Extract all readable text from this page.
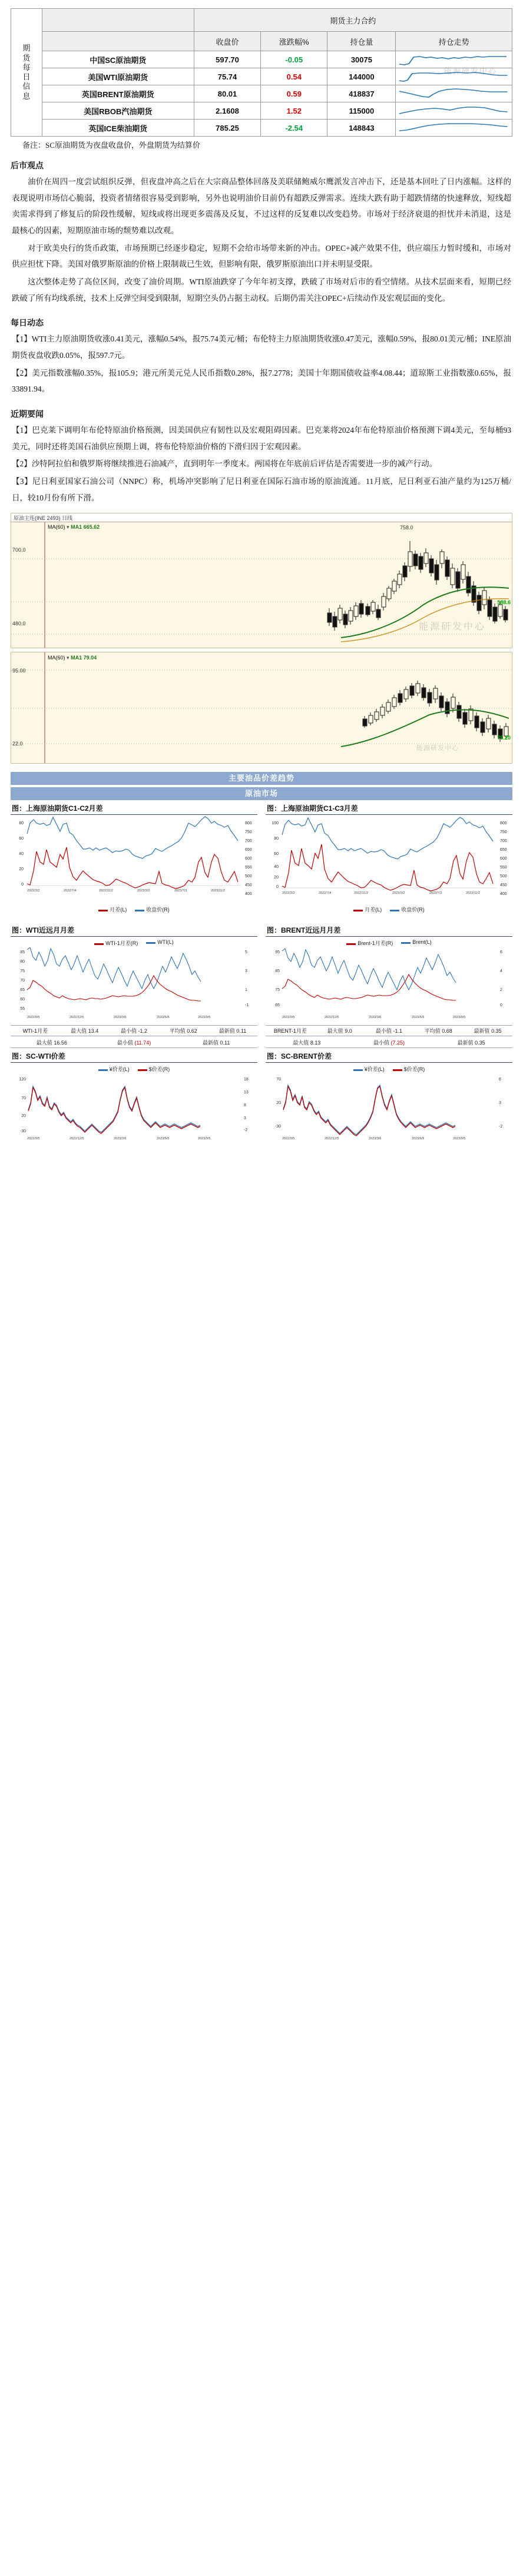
能源研发中心
期
货
每
日
信
息
		期货主力合约
		收盘价	涨跌幅%	持仓量	持仓走势
	中国SC原油期货	597.70	-0.05	30075	

	美国WTI原油期货	75.74	0.54	144000	

	英国BRENT原油期货	80.01	0.59	418837	

	美国RBOB汽油期货	2.1608	1.52	115000	

	英国ICE柴油期货	785.25	-2.54	148843	
备注：SC原油期货为夜盘收盘价，外盘期货为结算价
后市观点

油价在周四一度尝试组织反弹，但夜盘冲高之后在大宗商品整体回落及美联储鲍威尔鹰派发言冲击下，还是基本回吐了日内涨幅。这样的表现说明市场信心脆弱，投资者情绪很容易受到影响，另外也说明油价目前仍有超跌反弹需求。连续大跌有助于超跌情绪的快速释放，短线超卖需求得到了修复后的阶段性缓解，短线或将出现更多震荡及反复，不过这样的反复难以改变趋势。市场对于经济衰退的担忧并未消退，这是最核心的因素，短期原油市场的颓势难以改观。

对于欧美央行的货币政策，市场预期已经逐步稳定，短期不会给市场带来新的冲击。OPEC+减产效果不佳，供应端压力暂时缓和，市场对供应担忧下降。美国对俄罗斯原油的价格上限制裁已生效，但影响有限，俄罗斯原油出口并未明显受限。

这次整体走势了高位区间，改变了油价周期。WTI原油跌穿了今年年初支撑，跌破了市场对后市的看空情绪。从技术层面来看，短期已经跌破了所有均线系统，技术上反弹空间受到限制，短期空头仍占据主动权。后期仍需关注OPEC+后续动作及宏观层面的变化。

每日动态

【1】WTI主力原油期货收涨0.41美元，涨幅0.54%，报75.74美元/桶；布伦特主力原油期货收涨0.47美元，涨幅0.59%，报80.01美元/桶；INE原油期货夜盘收跌0.05%，报597.7元。

【2】美元指数涨幅0.35%，报105.9；港元所美元兑人民币指数0.28%，报7.2778；美国十年期国债收益率4.08.44；道琼斯工业指数涨0.65%，报33891.94。

近期要闻

【1】巴克莱下调明年布伦特原油价格预测，因美国供应有韧性以及宏观阻碍因素。巴克莱将2024年布伦特原油价格预测下调4美元，至每桶93美元，同时还将美国石油供应预期上调，将布伦特原油价格的下滑归因于宏观因素。

【2】沙特阿拉伯和俄罗斯将继续推进石油减产，直到明年一季度末。两国将在年底前后评估是否需要进一步的减产行动。

【3】尼日利亚国家石油公司（NNPC）称，机场冲突影响了尼日利亚在国际石油市场的原油流通。11月底，尼日利亚石油产量约为125万桶/日，较10月份有所下滑。

原油主连(INE 2493) 日线
MA(60) ▾ MA1 665.62
700.0
480.0
758.0
588.6
能源研发中心
MA(60) ▾ MA1 79.04
95.00
22.0
79.20
能源研发中心
主要油品价差趋势
原油市场
图：上海原油期货C1-C2月差
80
60
40
20
0
800
750
700
650
600
550
500
450
400
2022/3/2	2022/7/4	2022/11/2	2023/3/2	2023/7/3	2023/11/2
月差(L)	收盘价(R)
图：上海原油期货C1-C3月差
100
80
60
40
20
0
800
750
700
650
600
550
500
450
400
2022/3/2	2022/7/4	2022/11/2	2023/3/2	2023/7/3	2023/11/2
月差(L)	收盘价(R)
图：WTI近远月月差
WTI-1月差(R)	WTI(L)
85
80
75
70
65
60
55
5
3
1
-1
2022/9/5	2022/12/5	2023/3/6	2023/6/5	2023/9/5
WTI-1月差	最大值 13.4	最小值 -1.2	平均值 0.62	最新值 0.11
图：BRENT近远月月差
Brent-1月差(R)	Brent(L)
95
85
75
65
6
4
2
0
2022/9/5	2022/12/5	2023/3/6	2023/6/5	2023/9/5
BRENT-1月差	最大值 9.0	最小值 -1.1	平均值 0.68	最新值 0.35
最大值 16.56	最小值 (11.74)	最新值 0.11	最大值 8.13	最小值 (7.25)	最新值 0.35
图：SC-WTI价差
¥价差(L)	$价差(R)
120
70
20
-30
18
13
8
3
-2
2022/9/5	2022/12/5	2023/3/6	2023/6/5	2023/9/5
图：SC-BRENT价差
¥价差(L)	$价差(R)
70
20
-30
8
3
-2
2022/9/5	2022/12/5	2023/3/6	2023/6/5	2023/9/5
